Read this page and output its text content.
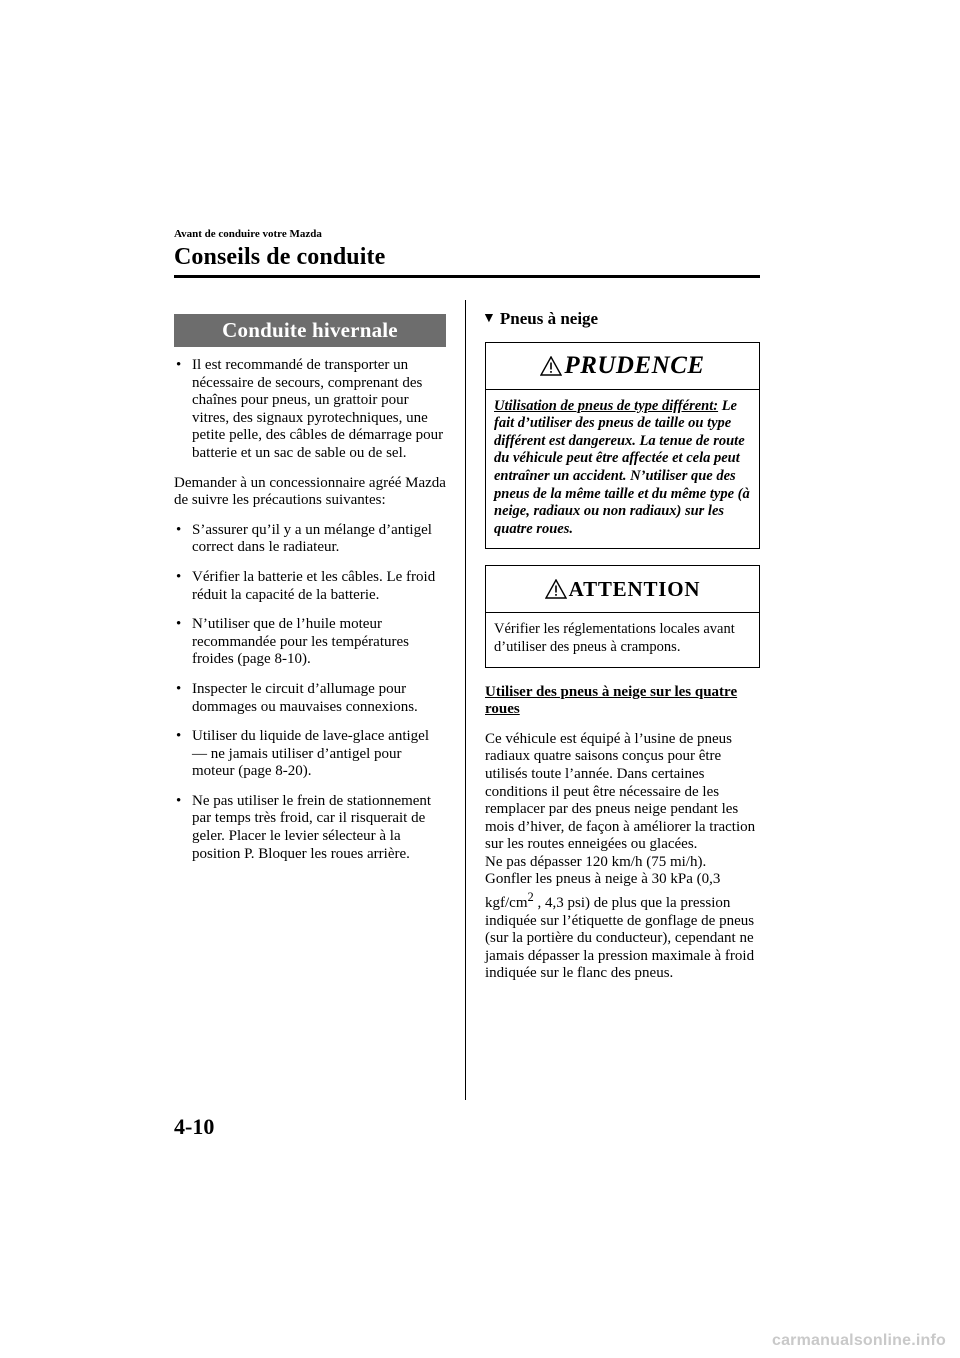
Avant de conduire votre Mazda
Conseils de conduite
Conduite hivernale
• Il est recommandé de transporter un nécessaire de secours, comprenant des chaînes pour pneus, un grattoir pour vitres, des signaux pyrotechniques, une petite pelle, des câbles de démarrage pour batterie et un sac de sable ou de sel.

Demander à un concessionnaire agréé Mazda de suivre les précautions suivantes:

• S’assurer qu’il y a un mélange d’antigel correct dans le radiateur.
• Vérifier la batterie et les câbles. Le froid réduit la capacité de la batterie.
• N’utiliser que de l’huile moteur recommandée pour les températures froides (page 8-10).
• Inspecter le circuit d’allumage pour dommages ou mauvaises connexions.
• Utiliser du liquide de lave-glace antigel — ne jamais utiliser d’antigel pour moteur (page 8-20).
• Ne pas utiliser le frein de stationnement par temps très froid, car il risquerait de geler. Placer le levier sélecteur à la position P. Bloquer les roues arrière.
▼ Pneus à neige
PRUDENCE
Utilisation de pneus de type différent: Le fait d’utiliser des pneus de taille ou type différent est dangereux. La tenue de route du véhicule peut être affectée et cela peut entraîner un accident. N’utiliser que des pneus de la même taille et du même type (à neige, radiaux ou non radiaux) sur les quatre roues.
ATTENTION
Vérifier les réglementations locales avant d’utiliser des pneus à crampons.
Utiliser des pneus à neige sur les quatre roues
Ce véhicule est équipé à l’usine de pneus radiaux quatre saisons conçus pour être utilisés toute l’année. Dans certaines conditions il peut être nécessaire de les remplacer par des pneus neige pendant les mois d’hiver, de façon à améliorer la traction sur les routes enneigées ou glacées.
Ne pas dépasser 120 km/h (75 mi/h).
Gonfler les pneus à neige à 30 kPa (0,3 kgf/$cm^2$ , 4,3 psi) de plus que la pression indiquée sur l’étiquette de gonflage de pneus (sur la portière du conducteur), cependant ne jamais dépasser la pression maximale à froid indiquée sur le flanc des pneus.
4-10
carmanualsonline.info
